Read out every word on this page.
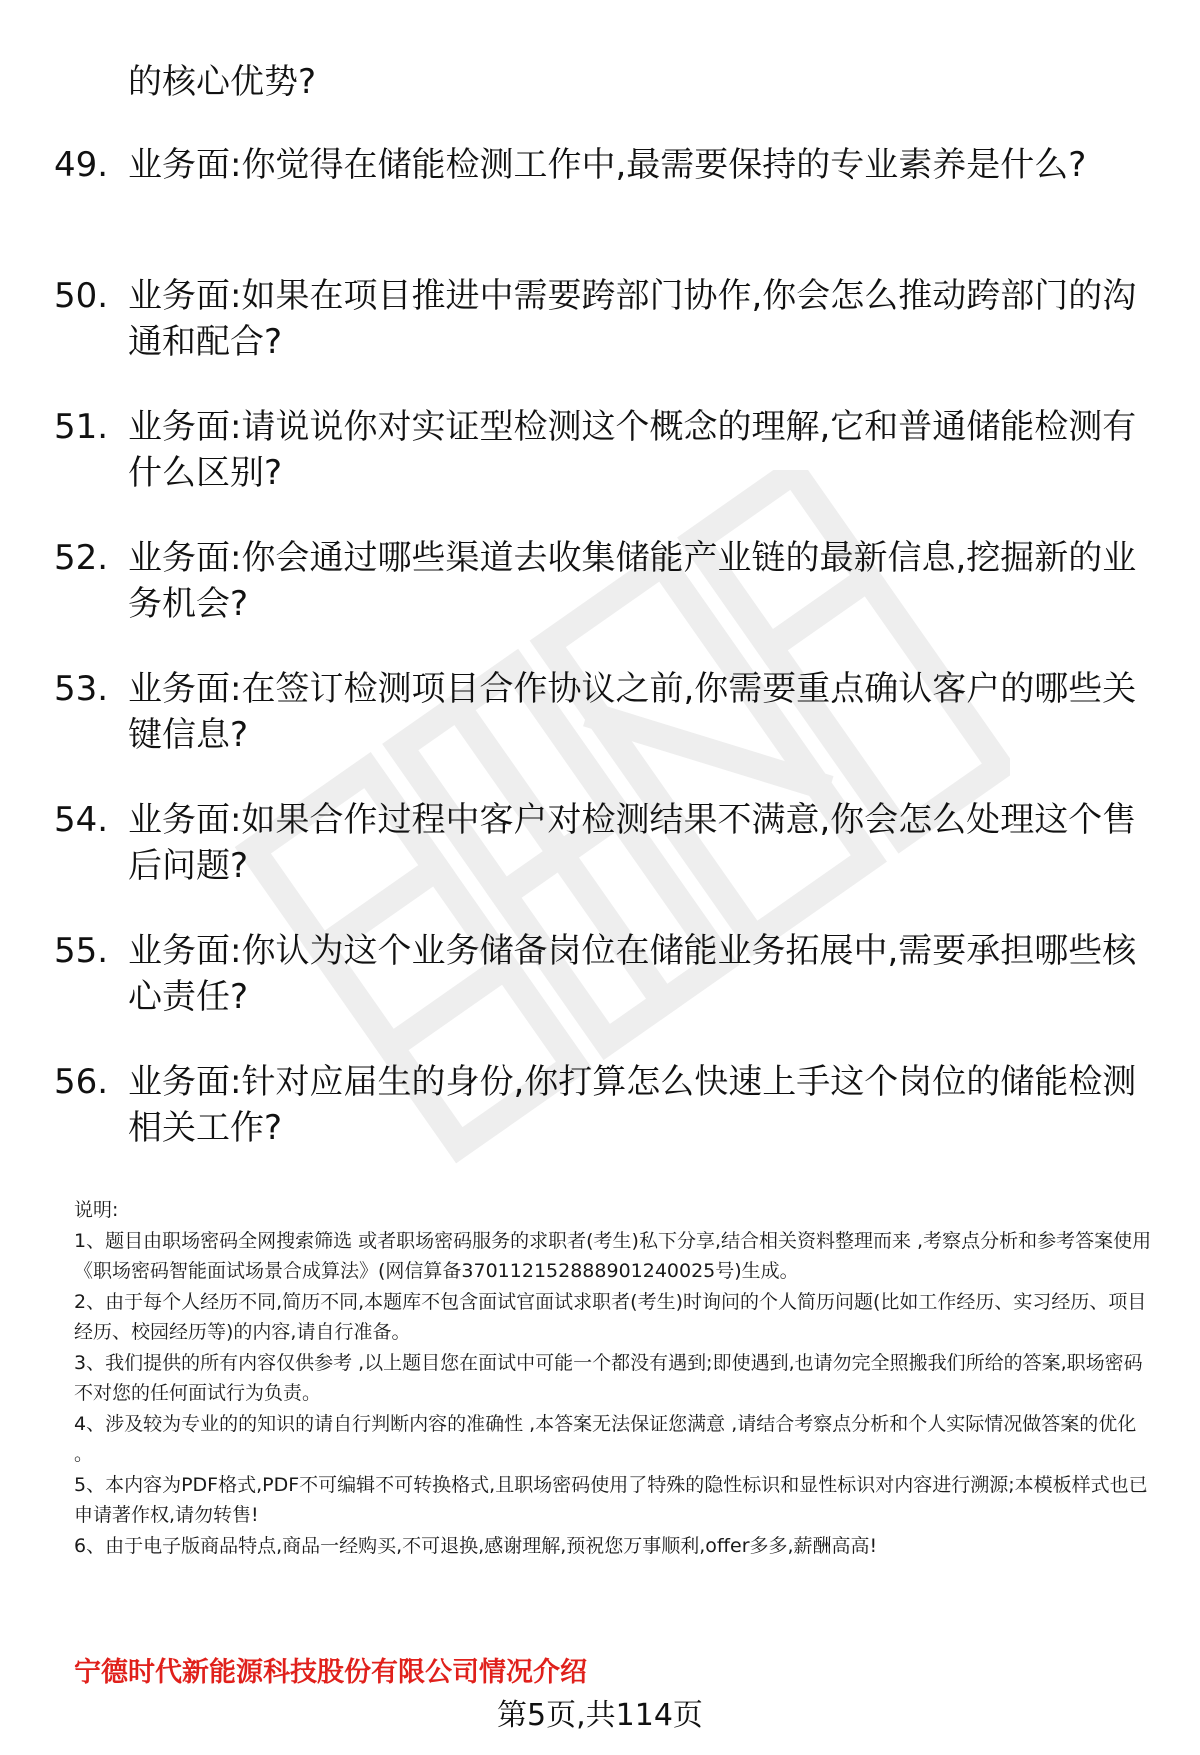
的核心优势?

49. 业务面:你觉得在储能检测工作中,最需要保持的专业素养是什么?
50. 业务面:如果在项目推进中需要跨部门协作,你会怎么推动跨部门的沟通和配合?
51. 业务面:请说说你对实证型检测这个概念的理解,它和普通储能检测有什么区别?
52. 业务面:你会通过哪些渠道去收集储能产业链的最新信息,挖掘新的业务机会?
53. 业务面:在签订检测项目合作协议之前,你需要重点确认客户的哪些关键信息?
54. 业务面:如果合作过程中客户对检测结果不满意,你会怎么处理这个售后问题?
55. 业务面:你认为这个业务储备岗位在储能业务拓展中,需要承担哪些核心责任?
56. 业务面:针对应届生的身份,你打算怎么快速上手这个岗位的储能检测相关工作?

说明:

1、题目由职场密码全网搜索筛选 或者职场密码服务的求职者(考生)私下分享,结合相关资料整理而来 ,考察点分析和参考答案使用《职场密码智能面试场景合成算法》(网信算备370112152888901240025号)生成。

2、由于每个人经历不同,简历不同,本题库不包含面试官面试求职者(考生)时询问的个人简历问题(比如工作经历、实习经历、项目经历、校园经历等)的内容,请自行准备。

3、我们提供的所有内容仅供参考 ,以上题目您在面试中可能一个都没有遇到;即使遇到,也请勿完全照搬我们所给的答案,职场密码不对您的任何面试行为负责。

4、涉及较为专业的的知识的请自行判断内容的准确性 ,本答案无法保证您满意 ,请结合考察点分析和个人实际情况做答案的优化 。

5、本内容为PDF格式,PDF不可编辑不可转换格式,且职场密码使用了特殊的隐性标识和显性标识对内容进行溯源;本模板样式也已申请著作权,请勿转售!

6、由于电子版商品特点,商品一经购买,不可退换,感谢理解,预祝您万事顺利,offer多多,薪酬高高!

宁德时代新能源科技股份有限公司情况介绍
第5页,共114页
